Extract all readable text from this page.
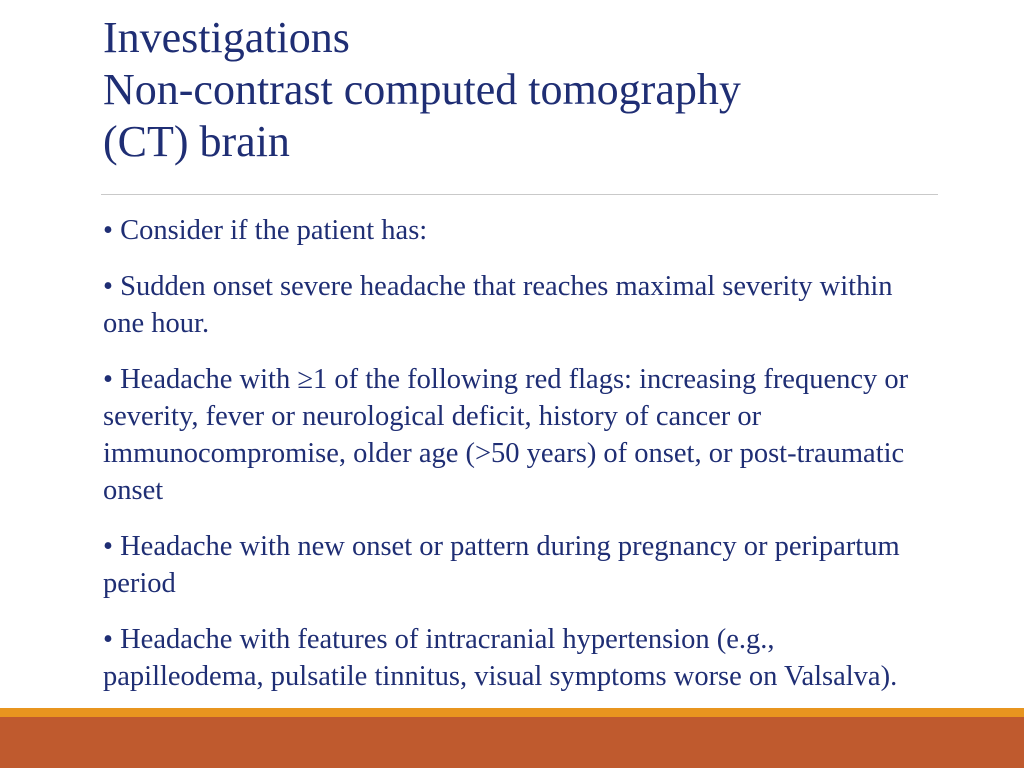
Investigations
Non-contrast computed tomography
(CT) brain

• Consider if the patient has:

• Sudden onset severe headache that reaches maximal severity within one hour.

• Headache with ≥1 of the following red flags: increasing frequency or severity, fever or neurological deficit, history of cancer or immunocompromise, older age (>50 years) of onset, or post-traumatic onset

• Headache with new onset or pattern during pregnancy or peripartum period

• Headache with features of intracranial hypertension (e.g., papilleodema, pulsatile tinnitus, visual symptoms worse on Valsalva).
